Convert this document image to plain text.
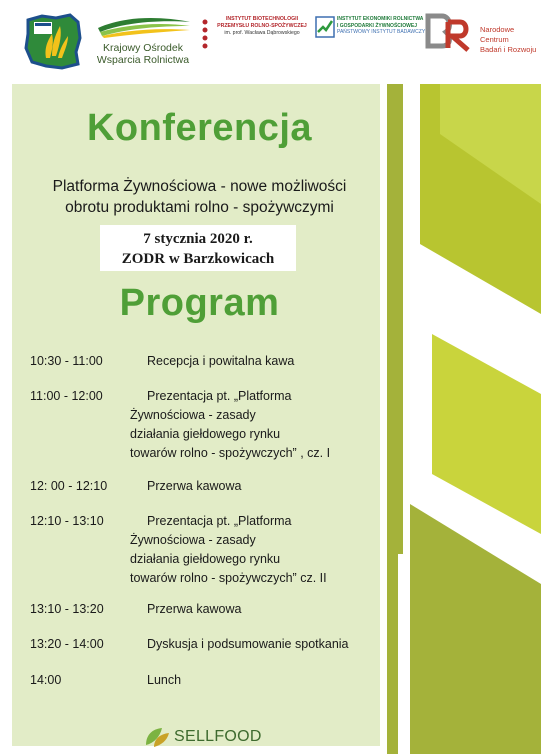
Krajowy Ośrodek
Wsparcia Rolnictwa
INSTYTUT BIOTECHNOLOGII
PRZEMYSŁU ROLNO-SPOŻYWCZEJ
im. prof. Wacława Dąbrowskiego
INSTYTUT EKONOMIKI ROLNICTWA
I GOSPODARKI ŻYWNOŚCIOWEJ
PAŃSTWOWY INSTYTUT BADAWCZY	Narodowe Centrum
Badań i Rozwoju
Konferencja
Platforma Żywnościowa - nowe możliwości
obrotu produktami rolno - spożywczymi
7 stycznia 2020 r.
ZODR w Barzkowicach
Program
10:30 - 11:00	Recepcja i powitalna kawa
11:00 - 12:00	Prezentacja pt. „Platforma
Żywnościowa - zasady
działania giełdowego rynku
towarów rolno - spożywczych” , cz. I
12: 00 - 12:10	Przerwa kawowa
12:10 - 13:10	Prezentacja pt. „Platforma
Żywnościowa - zasady
działania giełdowego rynku
towarów rolno - spożywczych” cz. II
13:10 - 13:20	Przerwa kawowa
13:20 - 14:00	Dyskusja i podsumowanie spotkania
14:00	Lunch
SELLFOOD
